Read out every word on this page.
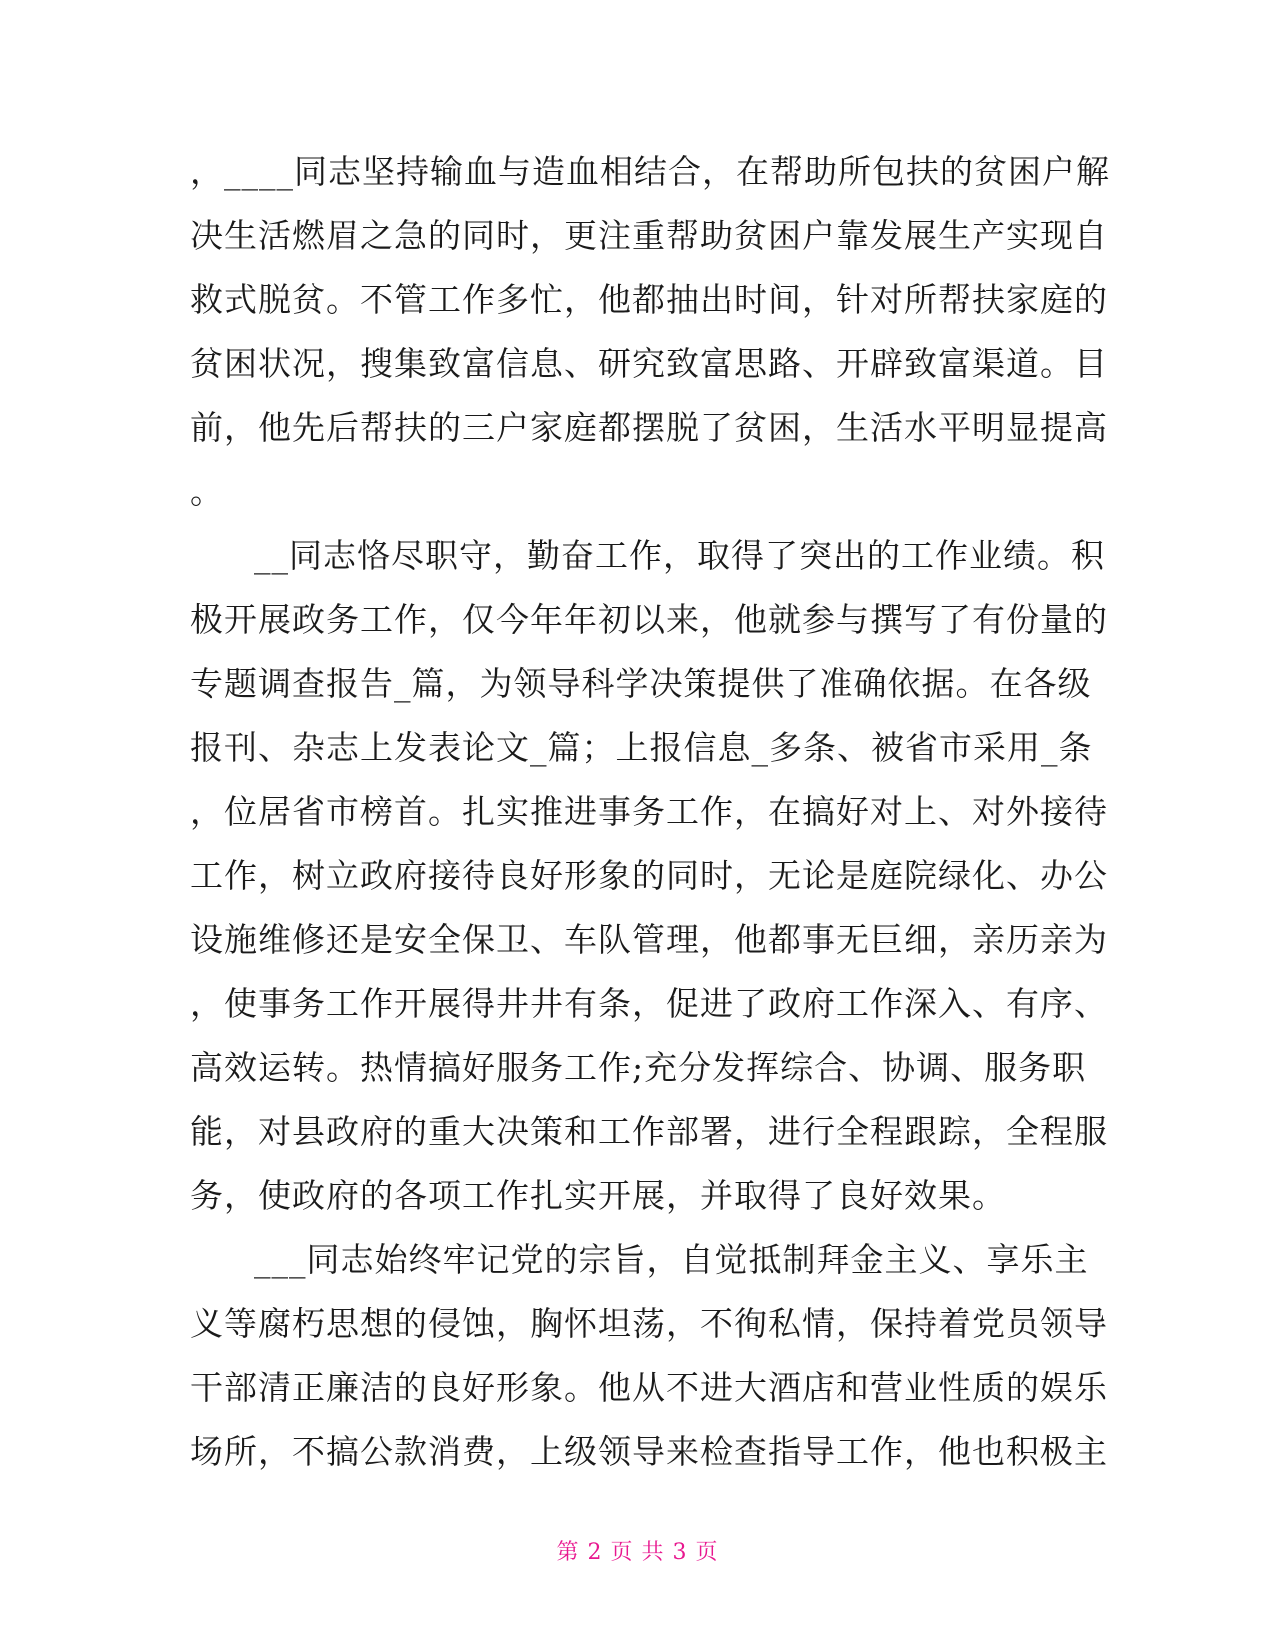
，____同志坚持输血与造血相结合，在帮助所包扶的贫困户解
决生活燃眉之急的同时，更注重帮助贫困户靠发展生产实现自
救式脱贫。不管工作多忙，他都抽出时间，针对所帮扶家庭的
贫困状况，搜集致富信息、研究致富思路、开辟致富渠道。目
前，他先后帮扶的三户家庭都摆脱了贫困，生活水平明显提高
。
__同志恪尽职守，勤奋工作，取得了突出的工作业绩。积
极开展政务工作，仅今年年初以来，他就参与撰写了有份量的
专题调查报告_篇，为领导科学决策提供了准确依据。在各级
报刊、杂志上发表论文_篇；上报信息_多条、被省市采用_条
，位居省市榜首。扎实推进事务工作，在搞好对上、对外接待
工作，树立政府接待良好形象的同时，无论是庭院绿化、办公
设施维修还是安全保卫、车队管理，他都事无巨细，亲历亲为
，使事务工作开展得井井有条，促进了政府工作深入、有序、
高效运转。热情搞好服务工作;充分发挥综合、协调、服务职
能，对县政府的重大决策和工作部署，进行全程跟踪，全程服
务，使政府的各项工作扎实开展，并取得了良好效果。
___同志始终牢记党的宗旨，自觉抵制拜金主义、享乐主
义等腐朽思想的侵蚀，胸怀坦荡，不徇私情，保持着党员领导
干部清正廉洁的良好形象。他从不进大酒店和营业性质的娱乐
场所，不搞公款消费，上级领导来检查指导工作，他也积极主
第 2 页 共 3 页
